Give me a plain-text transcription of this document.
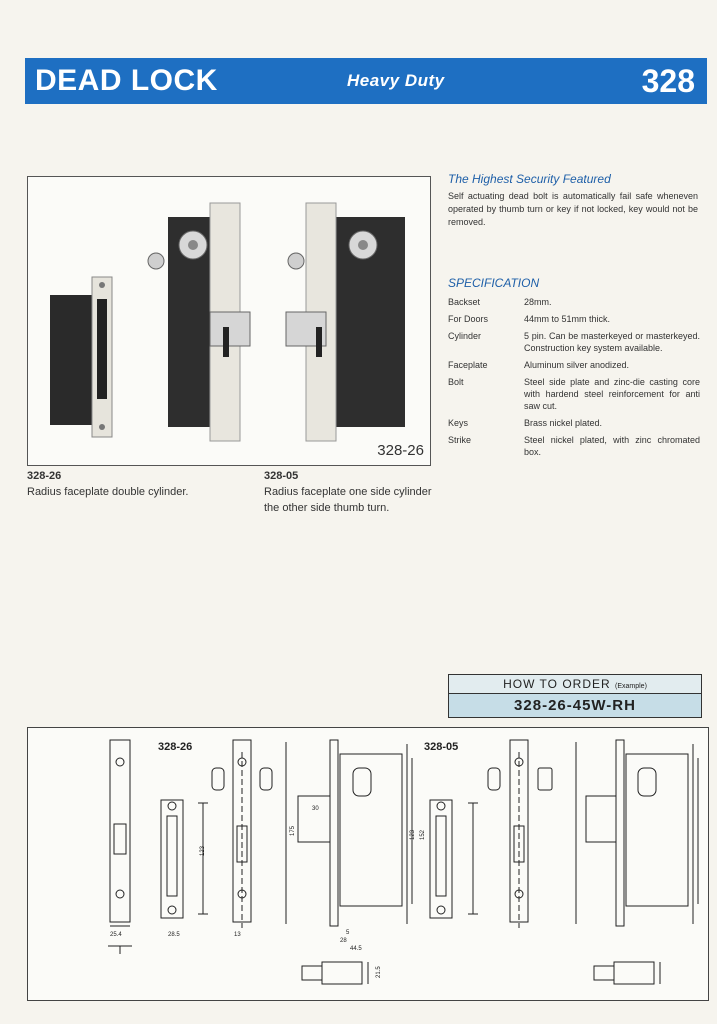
DEAD LOCK	Heavy Duty	328
328-26
328-26
Radius faceplate double cylinder.
328-05
Radius faceplate one side cylinder the other side thumb turn.
The Highest Security Featured
Self actuating dead bolt is automatically fail safe wheneven operated by thumb turn or key if not locked, key would not be removed.
SPECIFICATION
Backset	28mm.
For Doors	44mm to 51mm thick.
Cylinder	5 pin. Can be masterkeyed or masterkeyed. Construction key system available.
Faceplate	Aluminum silver anodized.
Bolt	Steel side plate and zinc-die casting core with hardend steel reinforcement for anti saw cut.
Keys	Brass nickel plated.
Strike	Steel nickel plated, with zinc chromated box.
HOW TO ORDER (Example)
328-26-45W-RH
328-26	328-05
25.4	28.5	13
30
123
175	123 152
5
28
44.5
21.5
